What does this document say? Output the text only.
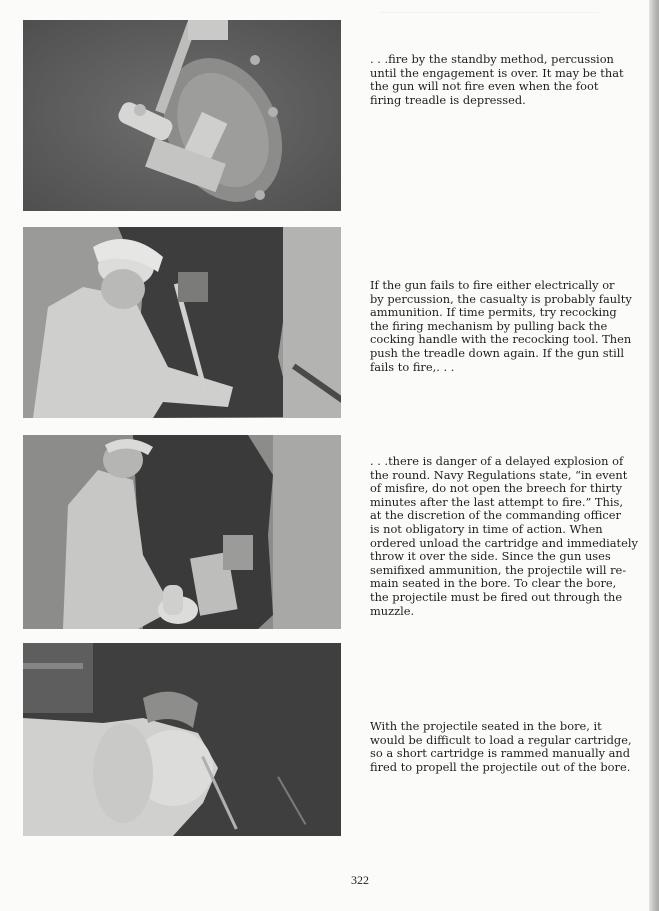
. . .fire by the standby method, percussion
until the engagement is over. It may be that
the gun will not fire even when the foot
firing treadle is depressed.
If the gun fails to fire either electrically or
by percussion, the casualty is probably faulty
ammunition. If time permits, try recocking
the firing mechanism by pulling back the
cocking handle with the recocking tool. Then
push the treadle down again. If the gun still
fails to fire,. . .
. . .there is danger of a delayed explosion of
the round. Navy Regulations state, “in event
of misfire, do not open the breech for thirty
minutes after the last attempt to fire.” This,
at the discretion of the commanding officer
is not obligatory in time of action. When
ordered unload the cartridge and immediately
throw it over the side. Since the gun uses
semifixed ammunition, the projectile will re-
main seated in the bore. To clear the bore,
the projectile must be fired out through the
muzzle.
With the projectile seated in the bore, it
would be difficult to load a regular cartridge,
so a short cartridge is rammed manually and
fired to propell the projectile out of the bore.
322
